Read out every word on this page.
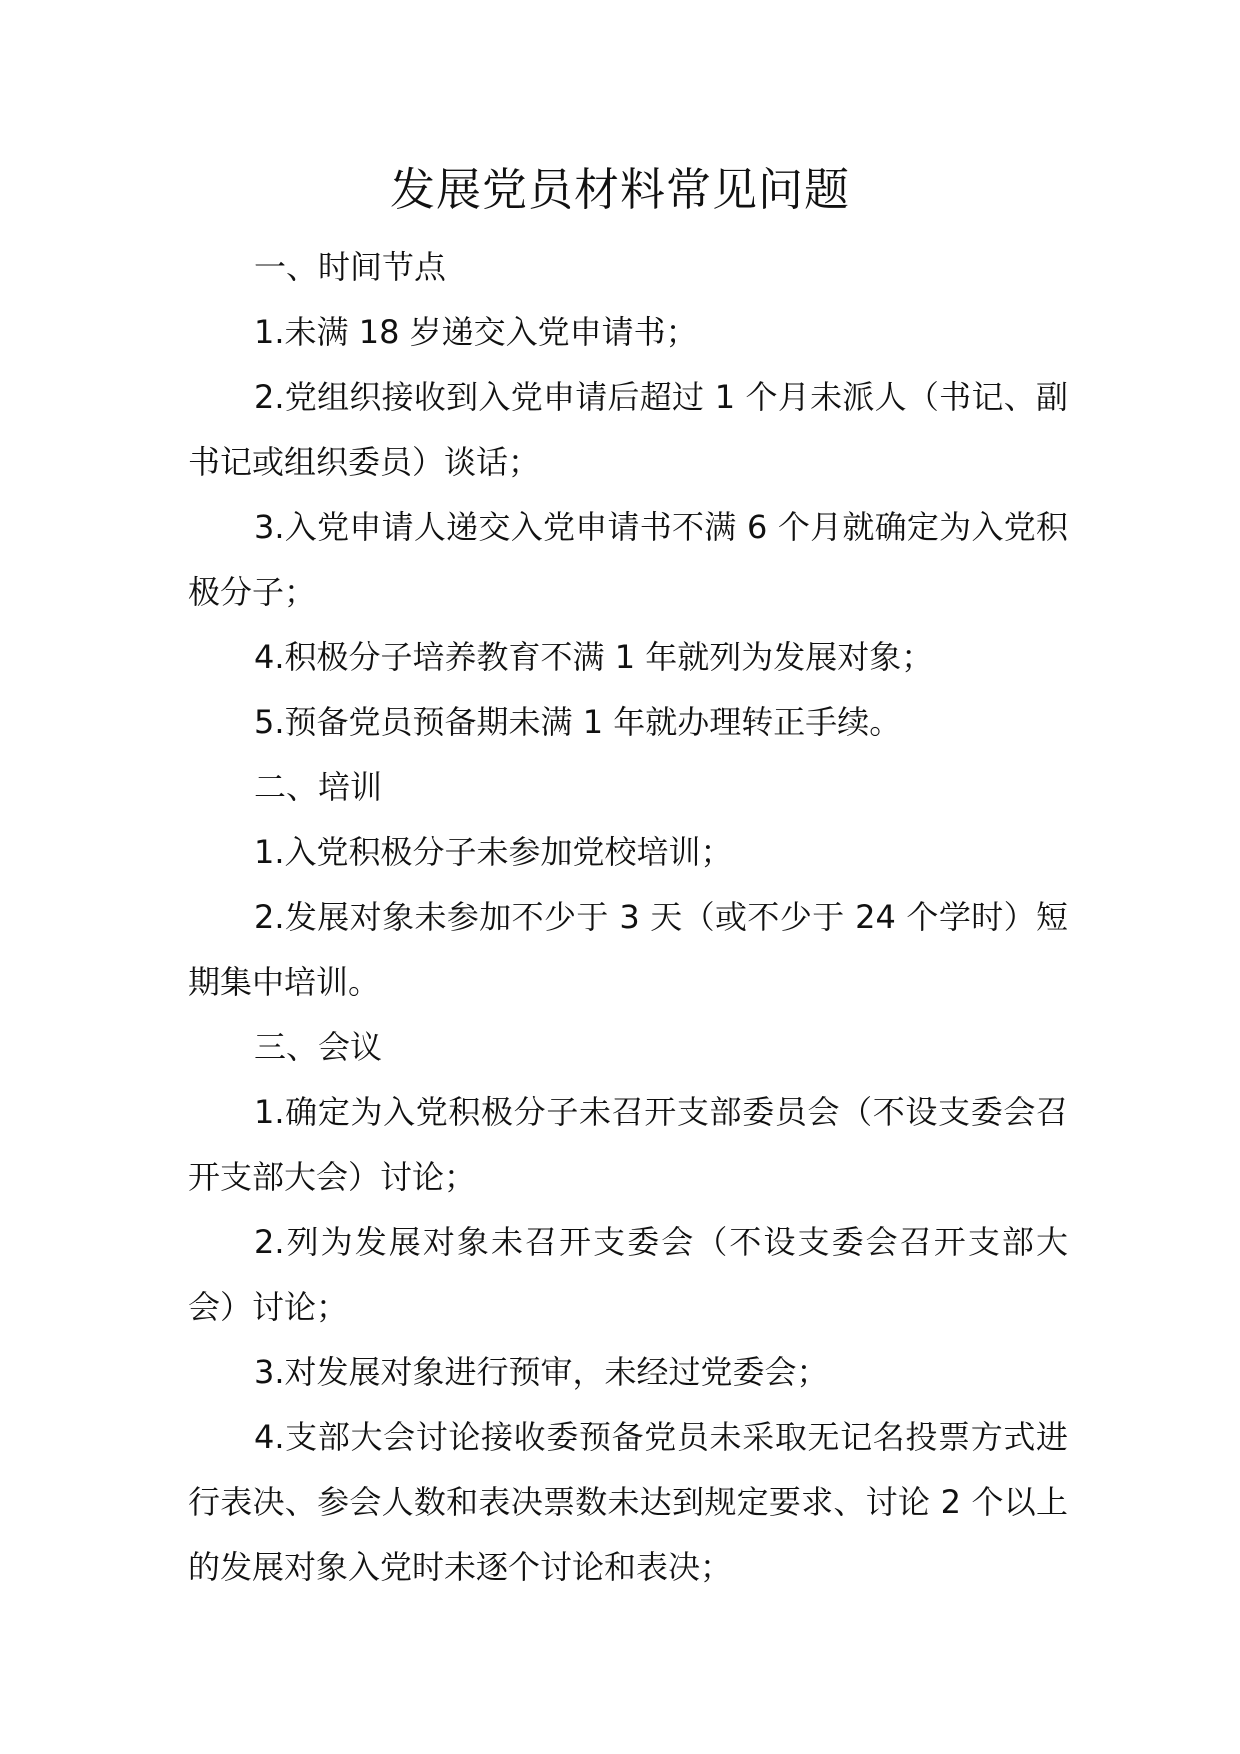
发展党员材料常见问题

一、时间节点

1.未满 18 岁递交入党申请书；

2.党组织接收到入党申请后超过 1 个月未派人（书记、副书记或组织委员）谈话；

3.入党申请人递交入党申请书不满 6 个月就确定为入党积极分子；

4.积极分子培养教育不满 1 年就列为发展对象；

5.预备党员预备期未满 1 年就办理转正手续。

二、培训

1.入党积极分子未参加党校培训；

2.发展对象未参加不少于 3 天（或不少于 24 个学时）短期集中培训。

三、会议

1.确定为入党积极分子未召开支部委员会（不设支委会召开支部大会）讨论；

2.列为发展对象未召开支委会（不设支委会召开支部大会）讨论；

3.对发展对象进行预审，未经过党委会；

4.支部大会讨论接收委预备党员未采取无记名投票方式进行表决、参会人数和表决票数未达到规定要求、讨论 2 个以上的发展对象入党时未逐个讨论和表决；
